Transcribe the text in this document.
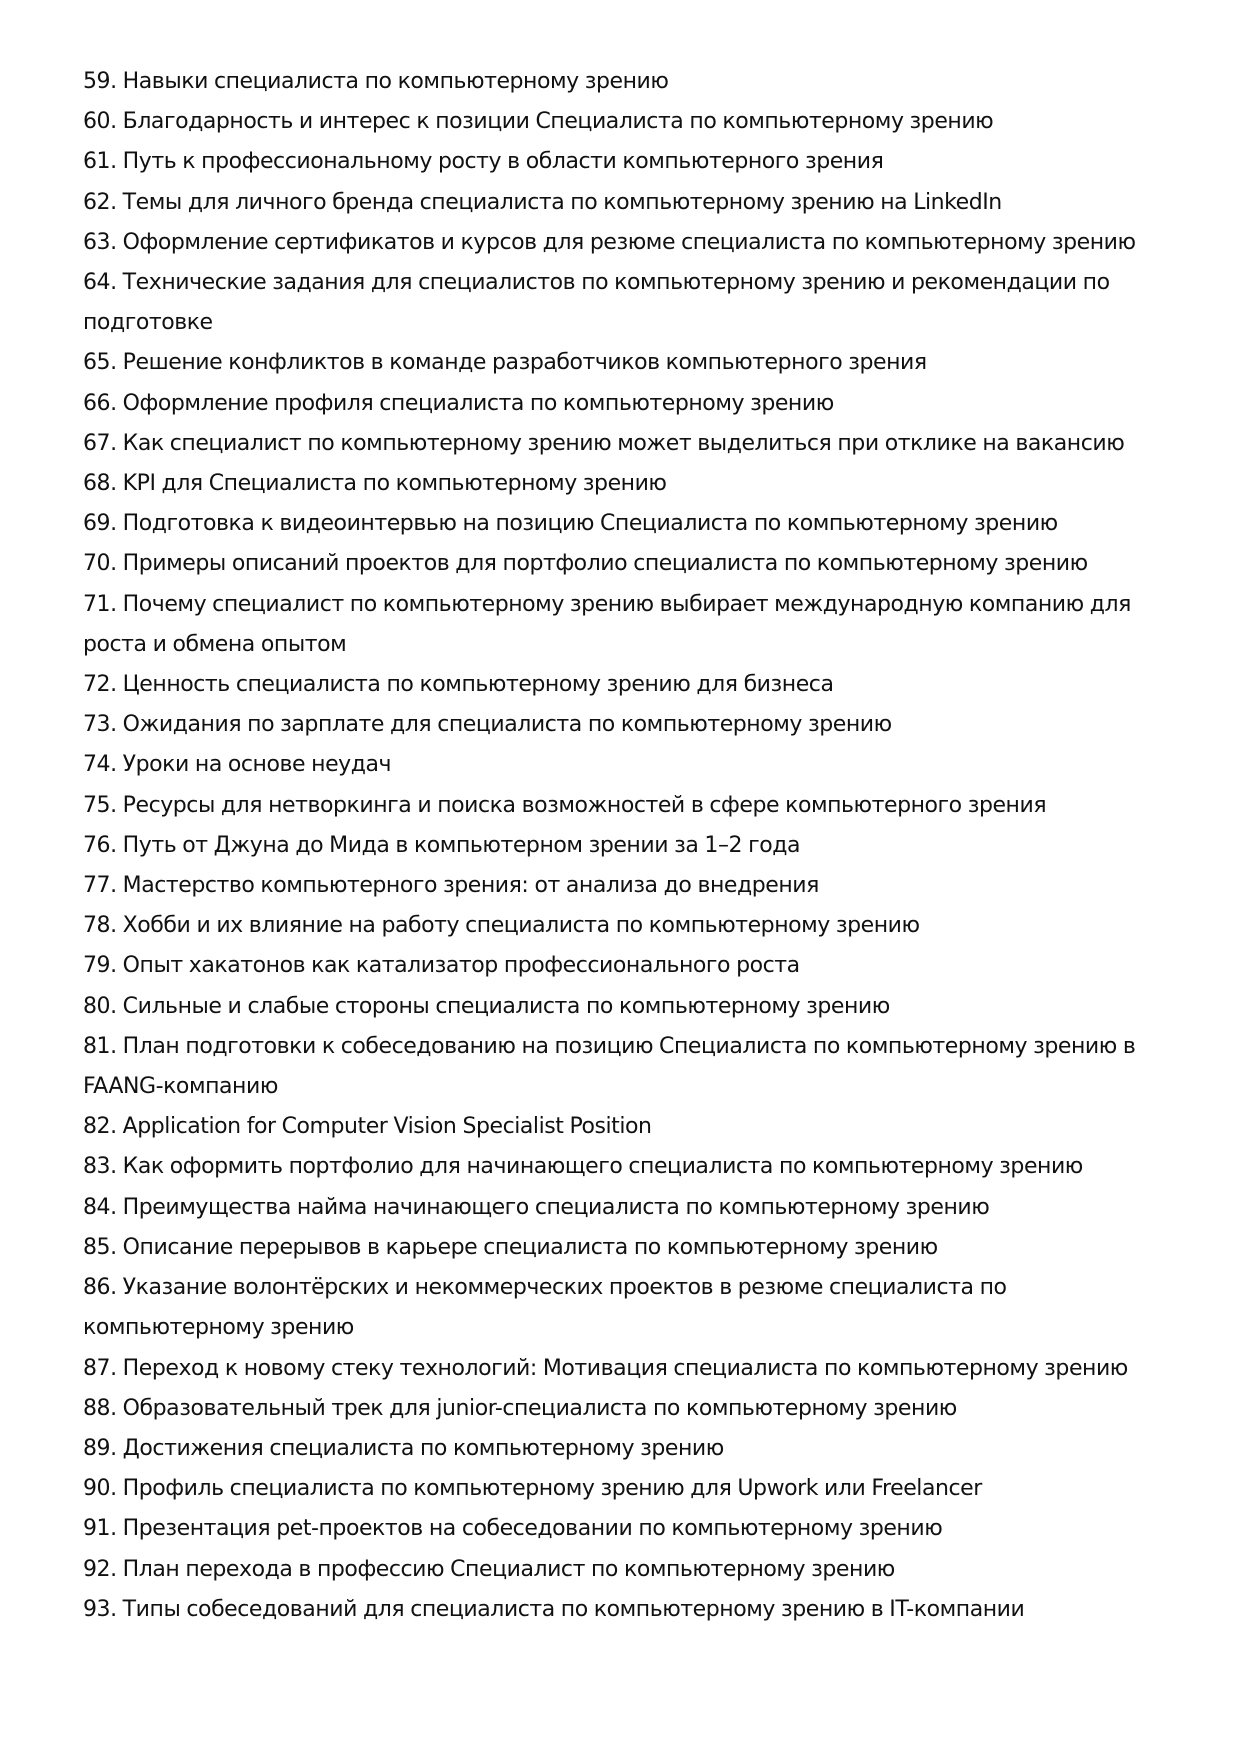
59. Навыки специалиста по компьютерному зрению
60. Благодарность и интерес к позиции Специалиста по компьютерному зрению
61. Путь к профессиональному росту в области компьютерного зрения
62. Темы для личного бренда специалиста по компьютерному зрению на LinkedIn
63. Оформление сертификатов и курсов для резюме специалиста по компьютерному зрению
64. Технические задания для специалистов по компьютерному зрению и рекомендации по подготовке
65. Решение конфликтов в команде разработчиков компьютерного зрения
66. Оформление профиля специалиста по компьютерному зрению
67. Как специалист по компьютерному зрению может выделиться при отклике на вакансию
68. KPI для Специалиста по компьютерному зрению
69. Подготовка к видеоинтервью на позицию Специалиста по компьютерному зрению
70. Примеры описаний проектов для портфолио специалиста по компьютерному зрению
71. Почему специалист по компьютерному зрению выбирает международную компанию для роста и обмена опытом
72. Ценность специалиста по компьютерному зрению для бизнеса
73. Ожидания по зарплате для специалиста по компьютерному зрению
74. Уроки на основе неудач
75. Ресурсы для нетворкинга и поиска возможностей в сфере компьютерного зрения
76. Путь от Джуна до Мида в компьютерном зрении за 1–2 года
77. Мастерство компьютерного зрения: от анализа до внедрения
78. Хобби и их влияние на работу специалиста по компьютерному зрению
79. Опыт хакатонов как катализатор профессионального роста
80. Сильные и слабые стороны специалиста по компьютерному зрению
81. План подготовки к собеседованию на позицию Специалиста по компьютерному зрению в FAANG-компанию
82. Application for Computer Vision Specialist Position
83. Как оформить портфолио для начинающего специалиста по компьютерному зрению
84. Преимущества найма начинающего специалиста по компьютерному зрению
85. Описание перерывов в карьере специалиста по компьютерному зрению
86. Указание волонтёрских и некоммерческих проектов в резюме специалиста по компьютерному зрению
87. Переход к новому стеку технологий: Мотивация специалиста по компьютерному зрению
88. Образовательный трек для junior-специалиста по компьютерному зрению
89. Достижения специалиста по компьютерному зрению
90. Профиль специалиста по компьютерному зрению для Upwork или Freelancer
91. Презентация pet-проектов на собеседовании по компьютерному зрению
92. План перехода в профессию Специалист по компьютерному зрению
93. Типы собеседований для специалиста по компьютерному зрению в IT-компании
